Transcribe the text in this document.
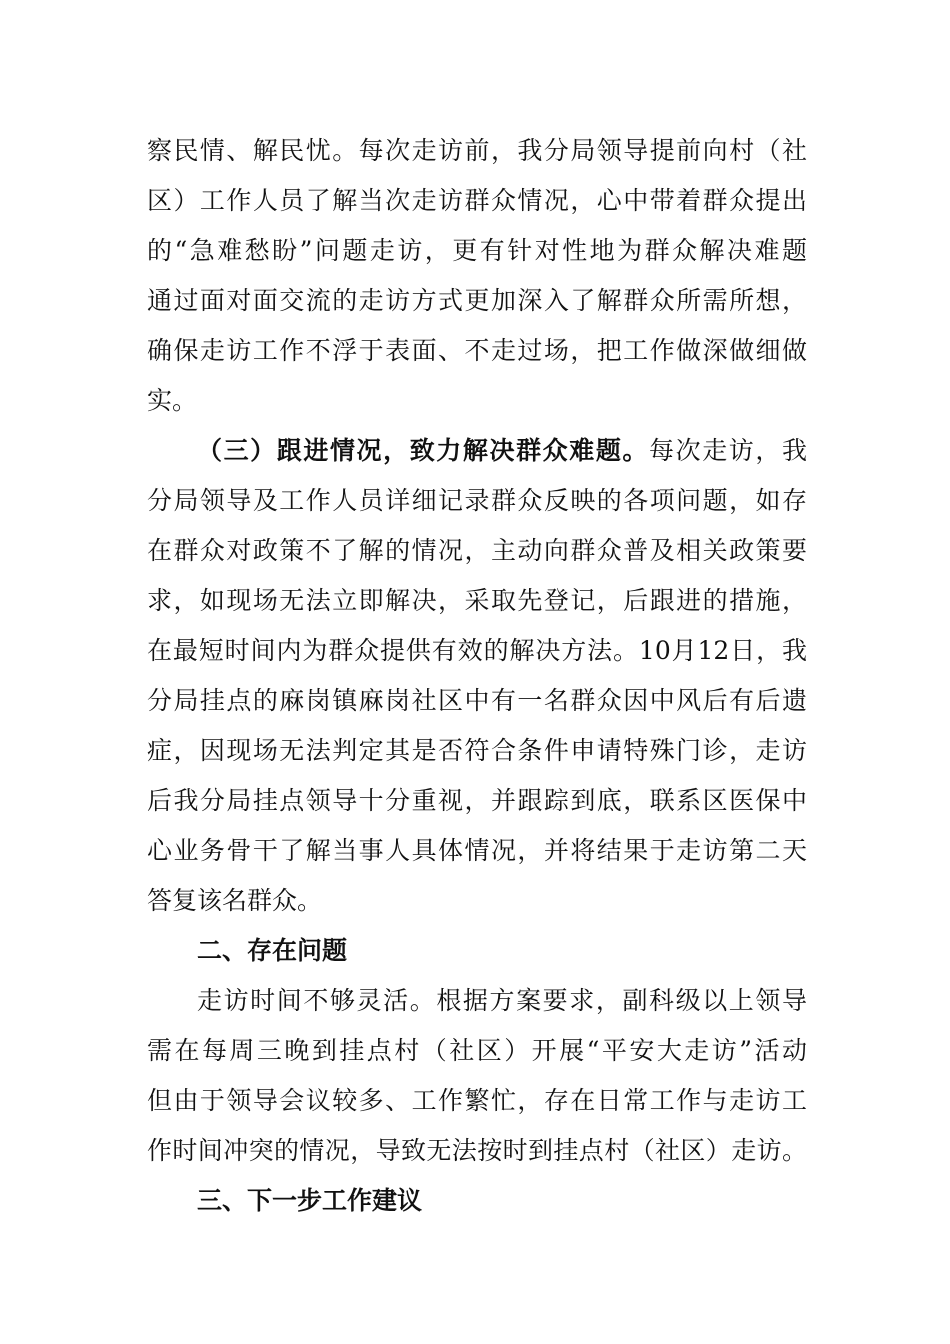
察民情、解民忧。每次走访前，我分局领导提前向村（社
区）工作人员了解当次走访群众情况，心中带着群众提出
的“急难愁盼”问题走访，更有针对性地为群众解决难题
通过面对面交流的走访方式更加深入了解群众所需所想，
确保走访工作不浮于表面、不走过场，把工作做深做细做
实。
（三）跟进情况，致力解决群众难题。每次走访，我
分局领导及工作人员详细记录群众反映的各项问题，如存
在群众对政策不了解的情况，主动向群众普及相关政策要
求，如现场无法立即解决，采取先登记，后跟进的措施，
在最短时间内为群众提供有效的解决方法。10月12日，我
分局挂点的麻岗镇麻岗社区中有一名群众因中风后有后遗
症，因现场无法判定其是否符合条件申请特殊门诊，走访
后我分局挂点领导十分重视，并跟踪到底，联系区医保中
心业务骨干了解当事人具体情况，并将结果于走访第二天
答复该名群众。
二、存在问题
走访时间不够灵活。根据方案要求，副科级以上领导
需在每周三晚到挂点村（社区）开展“平安大走访”活动
但由于领导会议较多、工作繁忙，存在日常工作与走访工
作时间冲突的情况，导致无法按时到挂点村（社区）走访。
三、下一步工作建议
